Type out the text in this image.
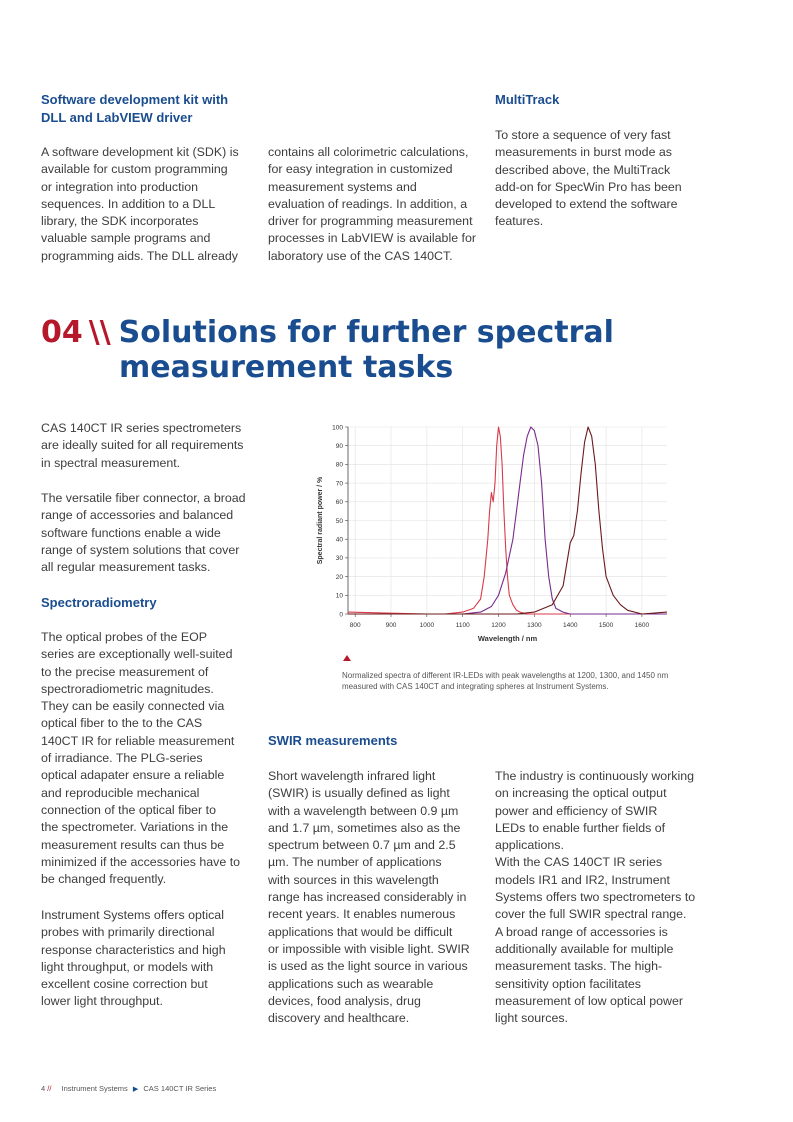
Software development kit with

DLL and LabVIEW driver

A software development kit (SDK) is
available for custom programming
or integration into production
sequences. In addition to a DLL
library, the SDK incorporates
valuable sample programs and
programming aids. The DLL already
contains all colorimetric calculations,
for easy integration in customized
measurement systems and
evaluation of readings. In addition, a
driver for programming measurement
processes in LabVIEW is available for
laboratory use of the CAS 140CT.

MultiTrack

To store a sequence of very fast
measurements in burst mode as
described above, the MultiTrack
add-on for SpecWin Pro has been
developed to extend the software
features.
04 \\ Solutions for further spectral
measurement tasks
CAS 140CT IR series spectrometers
are ideally suited for all requirements
in spectral measurement.
The versatile fiber connector, a broad
range of accessories and balanced
software functions enable a wide
range of system solutions that cover
all regular measurement tasks.

Spectroradiometry

The optical probes of the EOP
series are exceptionally well-suited
to the precise measurement of
spectroradiometric magnitudes.
They can be easily connected via
optical fiber to the to the CAS
140CT IR for reliable measurement
of irradiance. The PLG-series
optical adapater ensure a reliable
and reproducible mechanical
connection of the optical fiber to
the spectrometer. Variations in the
measurement results can thus be
minimized if the accessories have to
be changed frequently.
Instrument Systems offers optical
probes with primarily directional
response characteristics and high
light throughput, or models with
excellent cosine correction but
lower light throughput.
0
10
20
30
40
50
60
70
80
90
100
800	900	1000	1100	1200	1300	1400	1500	1600
Wavelength / nm
Spectral radiant power / %
Normalized spectra of different IR-LEDs with peak wavelengths at 1200, 1300, and 1450 nm
measured with CAS 140CT and integrating spheres at Instrument Systems.

SWIR measurements

Short wavelength infrared light
(SWIR) is usually defined as light
with a wavelength between 0.9 µm
and 1.7 µm, sometimes also as the
spectrum between 0.7 µm and 2.5
µm. The number of applications
with sources in this wavelength
range has increased considerably in
recent years. It enables numerous
applications that would be difficult
or impossible with visible light. SWIR
is used as the light source in various
applications such as wearable
devices, food analysis, drug
discovery and healthcare.
The industry is continuously working
on increasing the optical output
power and efficiency of SWIR
LEDs to enable further fields of
applications.
With the CAS 140CT IR series
models IR1 and IR2, Instrument
Systems offers two spectrometers to
cover the full SWIR spectral range.
A broad range of accessories is
additionally available for multiple
measurement tasks. The high-
sensitivity option facilitates
measurement of low optical power
light sources.
4 // Instrument Systems ▶ CAS 140CT IR Series
